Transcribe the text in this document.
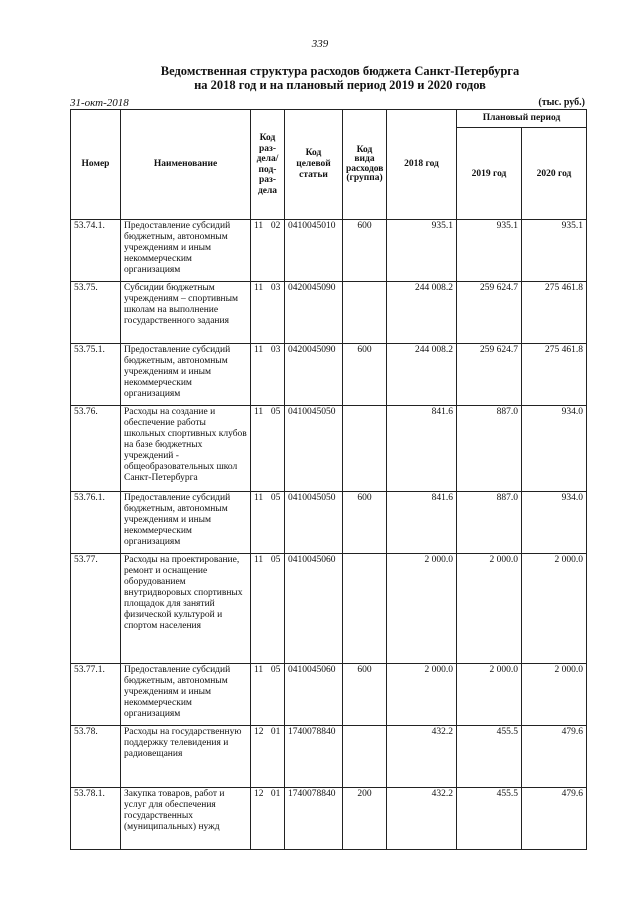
339
Ведомственная структура расходов бюджета Санкт-Петербурга
на 2018 год и на плановый период 2019 и 2020 годов
31-окт-2018	(тыс. руб.)
Номер	Наименование	Код раз-дела/ под-раз-дела	Код целевой статьи	Код вида расходов (группа)	2018 год	Плановый период	
						2019 год	2020 год
53.74.1.	Предоставление субсидий бюджетным, автономным учреждениям и иным некоммерческим организациям	11 02	0410045010	600	935.1	935.1	935.1
53.75.	Субсидии бюджетным учреждениям – спортивным школам на выполнение государственного задания	11 03	0420045090		244 008.2	259 624.7	275 461.8
53.75.1.	Предоставление субсидий бюджетным, автономным учреждениям и иным некоммерческим организациям	11 03	0420045090	600	244 008.2	259 624.7	275 461.8
53.76.	Расходы на создание и обеспечение работы школьных спортивных клубов на базе бюджетных учреждений - общеобразовательных школ Санкт-Петербурга	11 05	0410045050		841.6	887.0	934.0
53.76.1.	Предоставление субсидий бюджетным, автономным учреждениям и иным некоммерческим организациям	11 05	0410045050	600	841.6	887.0	934.0
53.77.	Расходы на проектирование, ремонт и оснащение оборудованием внутридворовых спортивных площадок для занятий физической культурой и спортом населения	11 05	0410045060		2 000.0	2 000.0	2 000.0
53.77.1.	Предоставление субсидий бюджетным, автономным учреждениям и иным некоммерческим организациям	11 05	0410045060	600	2 000.0	2 000.0	2 000.0
53.78.	Расходы на государственную поддержку телевидения и радиовещания	12 01	1740078840		432.2	455.5	479.6
53.78.1.	Закупка товаров, работ и услуг для обеспечения государственных (муниципальных) нужд	12 01	1740078840	200	432.2	455.5	479.6
